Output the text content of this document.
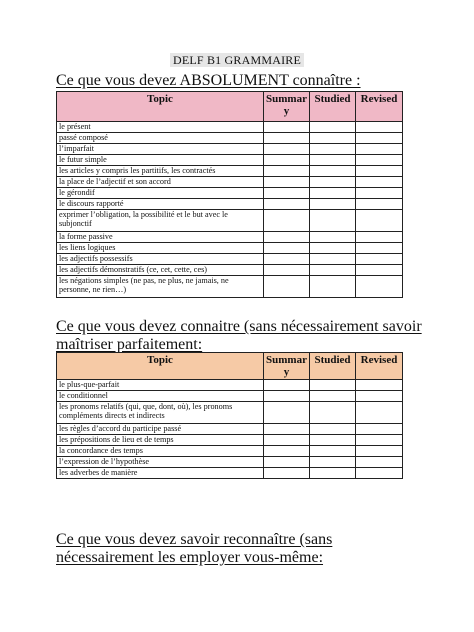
DELF B1 GRAMMAIRE
Ce que vous devez ABSOLUMENT connaître :
Topic	Summar y	Studied	Revised
le présent			
passé composé			
l’imparfait			
le futur simple			
les articles y compris les partitifs, les contractés			
la place de l’adjectif et son accord			
le gérondif			
le discours rapporté			
exprimer l’obligation, la possibilité et le but avec le subjonctif			
la forme passive			
les liens logiques			
les adjectifs possessifs			
les adjectifs démonstratifs (ce, cet, cette, ces)			
les négations simples (ne pas, ne plus, ne jamais, ne personne, ne rien…)			
Ce que vous devez connaitre (sans nécessairement savoir maîtriser parfaitement:
Topic	Summar y	Studied	Revised
le plus-que-parfait			
le conditionnel			
les pronoms relatifs (qui, que, dont, où), les pronoms compléments directs et indirects			
les règles d’accord du participe passé			
les prépositions de lieu et de temps			
la concordance des temps			
l’expression de l’hypothèse			
les adverbes de manière			
Ce que vous devez savoir reconnaître (sans nécessairement les employer vous-même:
